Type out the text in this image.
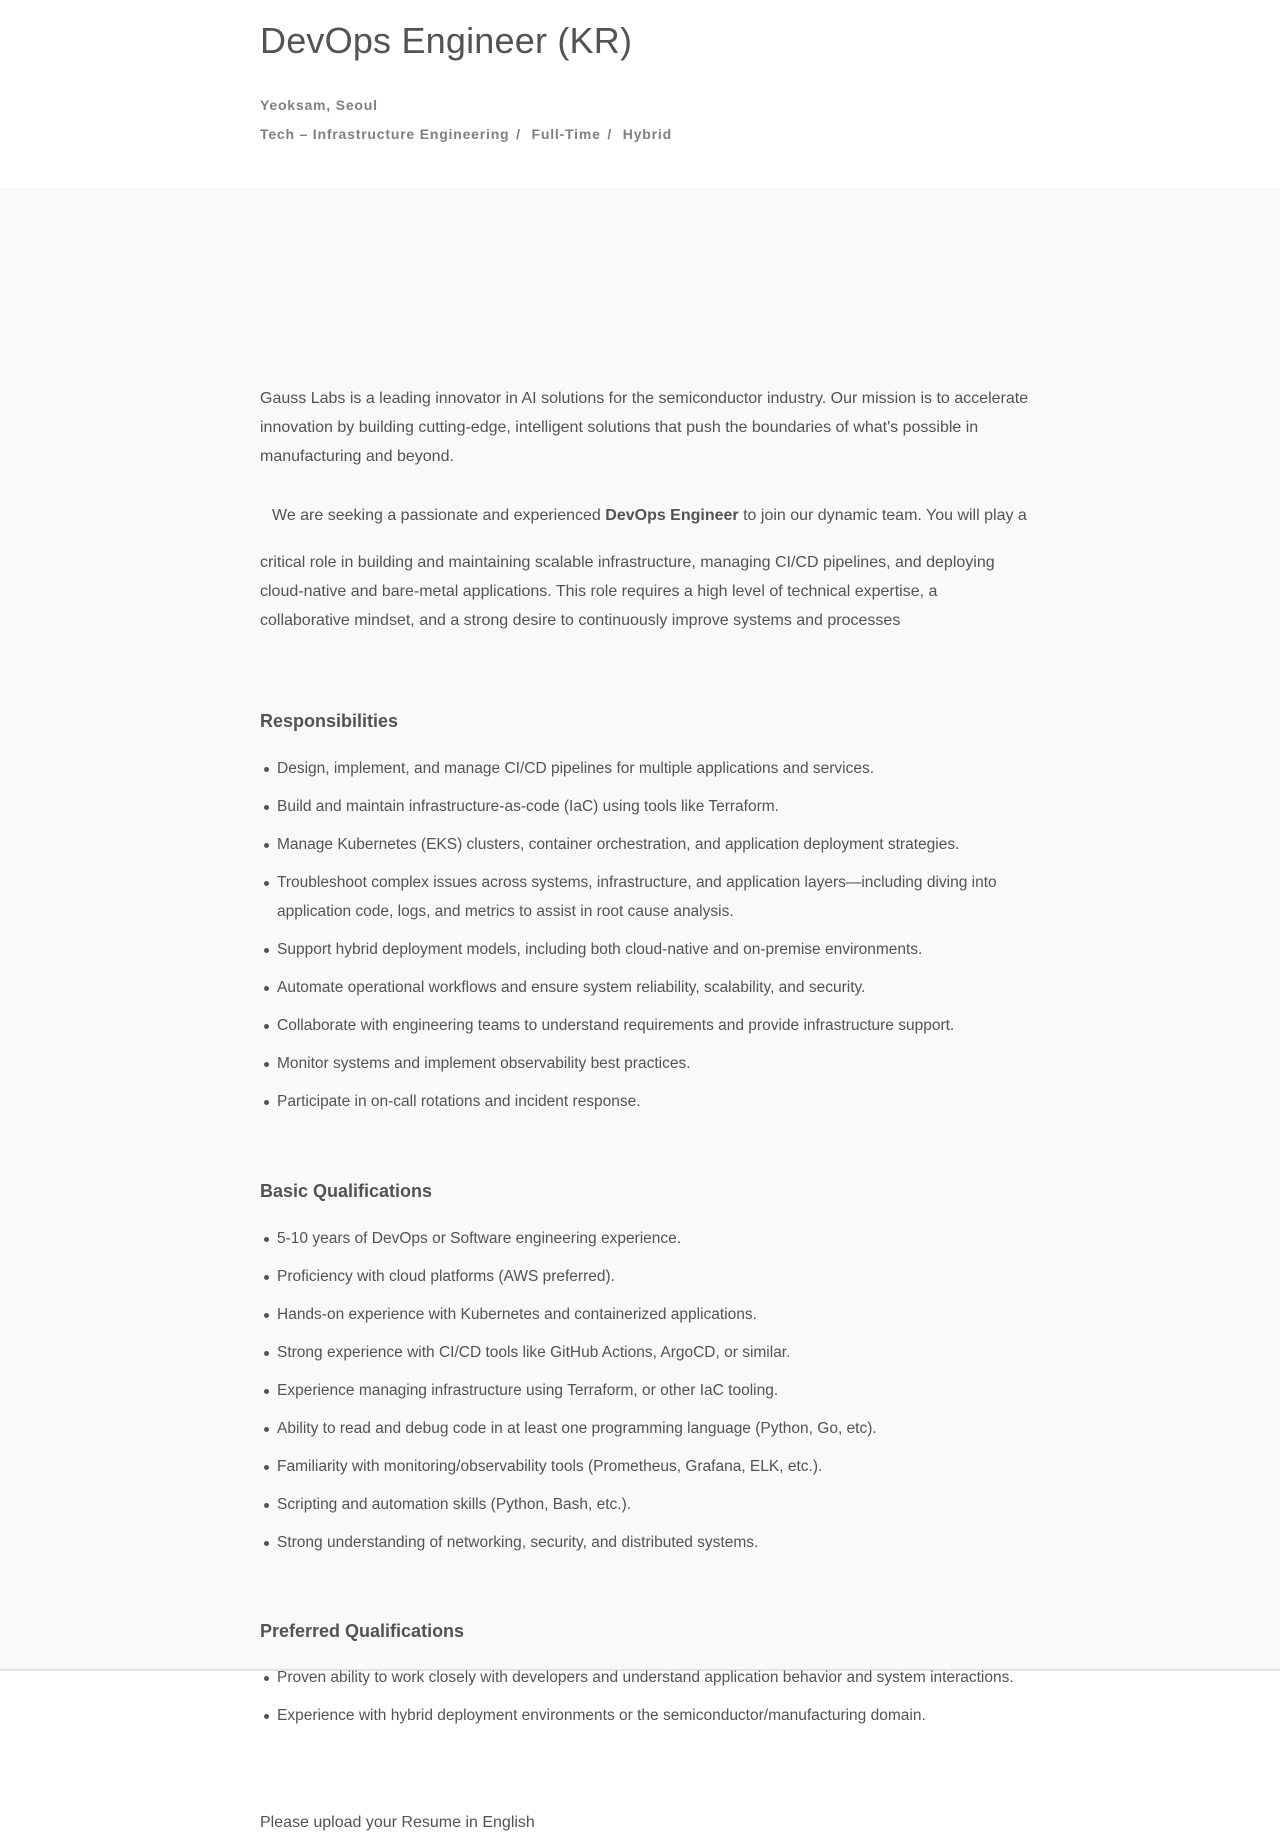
DevOps Engineer (KR)
Yeoksam, Seoul
Tech – Infrastructure Engineering / Full-Time / Hybrid

Gauss Labs is a leading innovator in AI solutions for the semiconductor industry. Our mission is to accelerate innovation by building cutting-edge, intelligent solutions that push the boundaries of what's possible in manufacturing and beyond.

We are seeking a passionate and experienced DevOps Engineer to join our dynamic team. You will play a

critical role in building and maintaining scalable infrastructure, managing CI/CD pipelines, and deploying cloud-native and bare-metal applications. This role requires a high level of technical expertise, a collaborative mindset, and a strong desire to continuously improve systems and processes

Responsibilities
Design, implement, and manage CI/CD pipelines for multiple applications and services.
Build and maintain infrastructure-as-code (IaC) using tools like Terraform.
Manage Kubernetes (EKS) clusters, container orchestration, and application deployment strategies.
Troubleshoot complex issues across systems, infrastructure, and application layers—including diving into application code, logs, and metrics to assist in root cause analysis.
Support hybrid deployment models, including both cloud-native and on-premise environments.
Automate operational workflows and ensure system reliability, scalability, and security.
Collaborate with engineering teams to understand requirements and provide infrastructure support.
Monitor systems and implement observability best practices.
Participate in on-call rotations and incident response.
Basic Qualifications
5-10 years of DevOps or Software engineering experience.
Proficiency with cloud platforms (AWS preferred).
Hands-on experience with Kubernetes and containerized applications.
Strong experience with CI/CD tools like GitHub Actions, ArgoCD, or similar.
Experience managing infrastructure using Terraform, or other IaC tooling.
Ability to read and debug code in at least one programming language (Python, Go, etc).
Familiarity with monitoring/observability tools (Prometheus, Grafana, ELK, etc.).
Scripting and automation skills (Python, Bash, etc.).
Strong understanding of networking, security, and distributed systems.
Preferred Qualifications
Proven ability to work closely with developers and understand application behavior and system interactions.
Experience with hybrid deployment environments or the semiconductor/manufacturing domain.

Please upload your Resume in English
